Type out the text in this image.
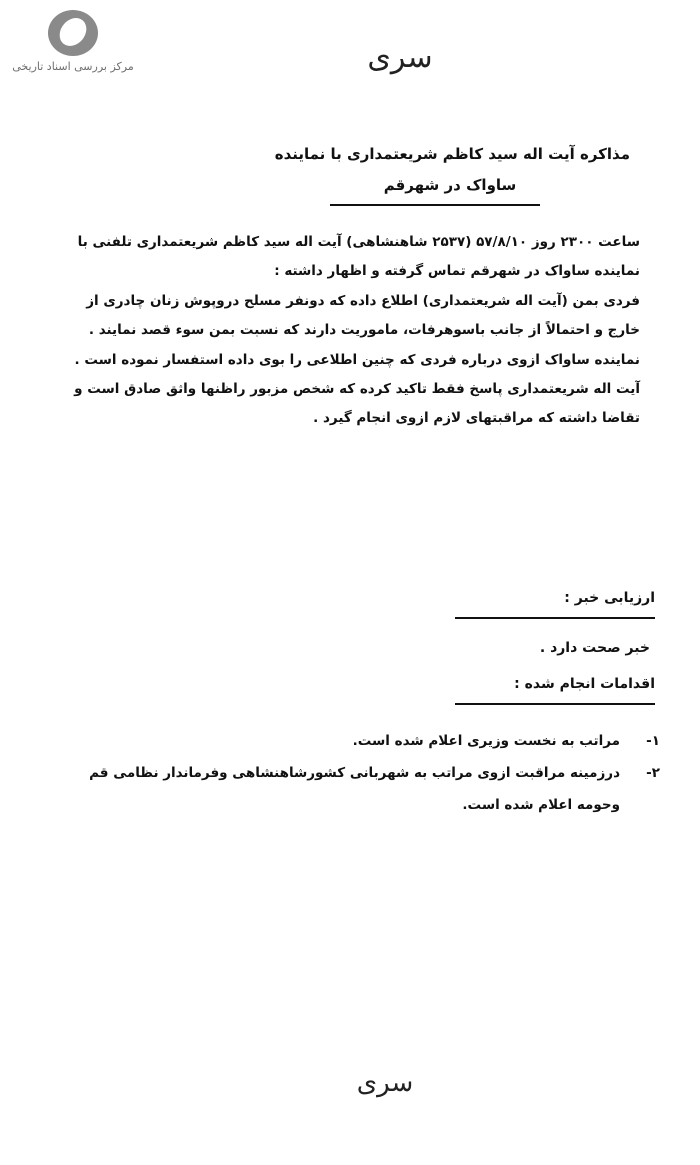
مرکز بررسی اسناد تاریخی	سری
مذاکره آیت اله سید کاظم شریعتمداری با نماینده
ساواک در شهرقم

ساعت ۲۳۰۰ روز ۵۷/۸/۱۰ (۲۵۳۷ شاهنشاهی) آیت اله سید کاظم شریعتمداری تلفنی با نماینده ساواک در شهرقم تماس گرفته و اظهار داشته :

فردی بمن (آیت اله شریعتمداری) اطلاع داده که دونفر مسلح دروپوش زنان چادری از خارج و احتمالاً از جانب باسوهرفات، ماموریت دارند که نسبت بمن سوء قصد نمایند .

نماینده ساواک ازوی درباره فردی که چنین اطلاعی را بوی داده استفسار نموده است .

آیت اله شریعتمداری پاسخ فقط تاکید کرده که شخص مزبور راظنها واثق صادق است و تقاضا داشته که مراقبتهای لازم ازوی انجام گیرد .

ارزیابی خبر :
خبر صحت دارد .
اقدامات انجام شده :
۱-
مراتب به نخست وزیری اعلام شده است.
۲-
درزمینه مراقبت ازوی مراتب به شهربانی کشورشاهنشاهی وفرماندار نظامی قم وحومه اعلام شده است.
سری
